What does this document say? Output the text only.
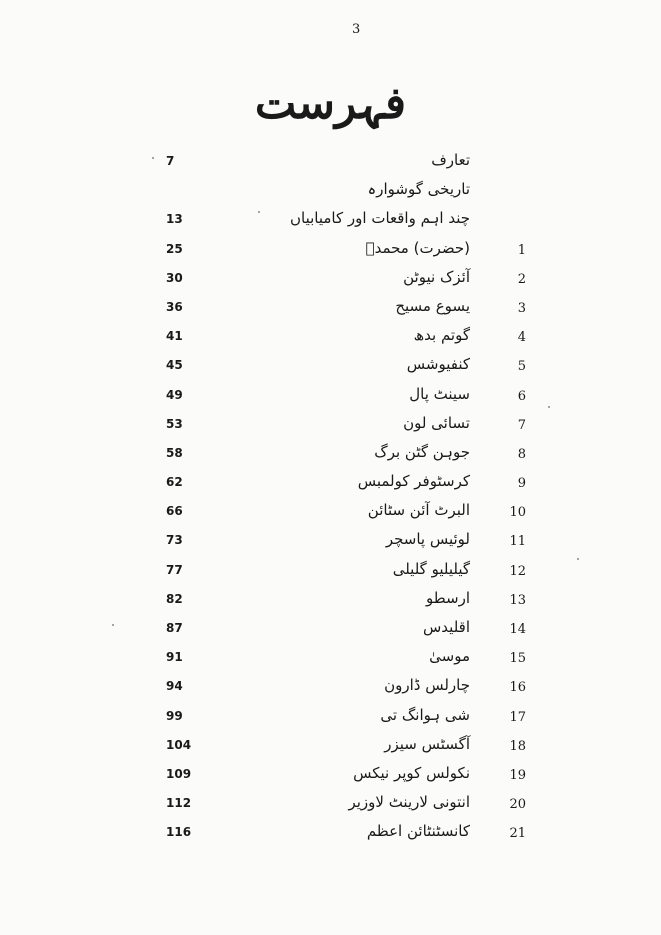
3
فہرست
7	تعارف
تاریخی گوشوارہ
13	چند اہم واقعات اور کامیابیاں
25	(حضرت) محمدؐ	1
30	آئزک نیوٹن	2
36	یسوع مسیح	3
41	گوتم بدھ	4
45	کنفیوشس	5
49	سینٹ پال	6
53	تسائی لون	7
58	جوہن گٹن برگ	8
62	کرسٹوفر کولمبس	9
66	البرٹ آئن سٹائن	10
73	لوئیس پاسچر	11
77	گیلیلیو گلیلی	12
82	ارسطو	13
87	اقلیدس	14
91	موسیٰ	15
94	چارلس ڈارون	16
99	شی ہوانگ تی	17
104	آگسٹس سیزر	18
109	نکولس کوپر نیکس	19
112	انتونی لارینٹ لاوزیر	20
116	کانسٹنٹائن اعظم	21
